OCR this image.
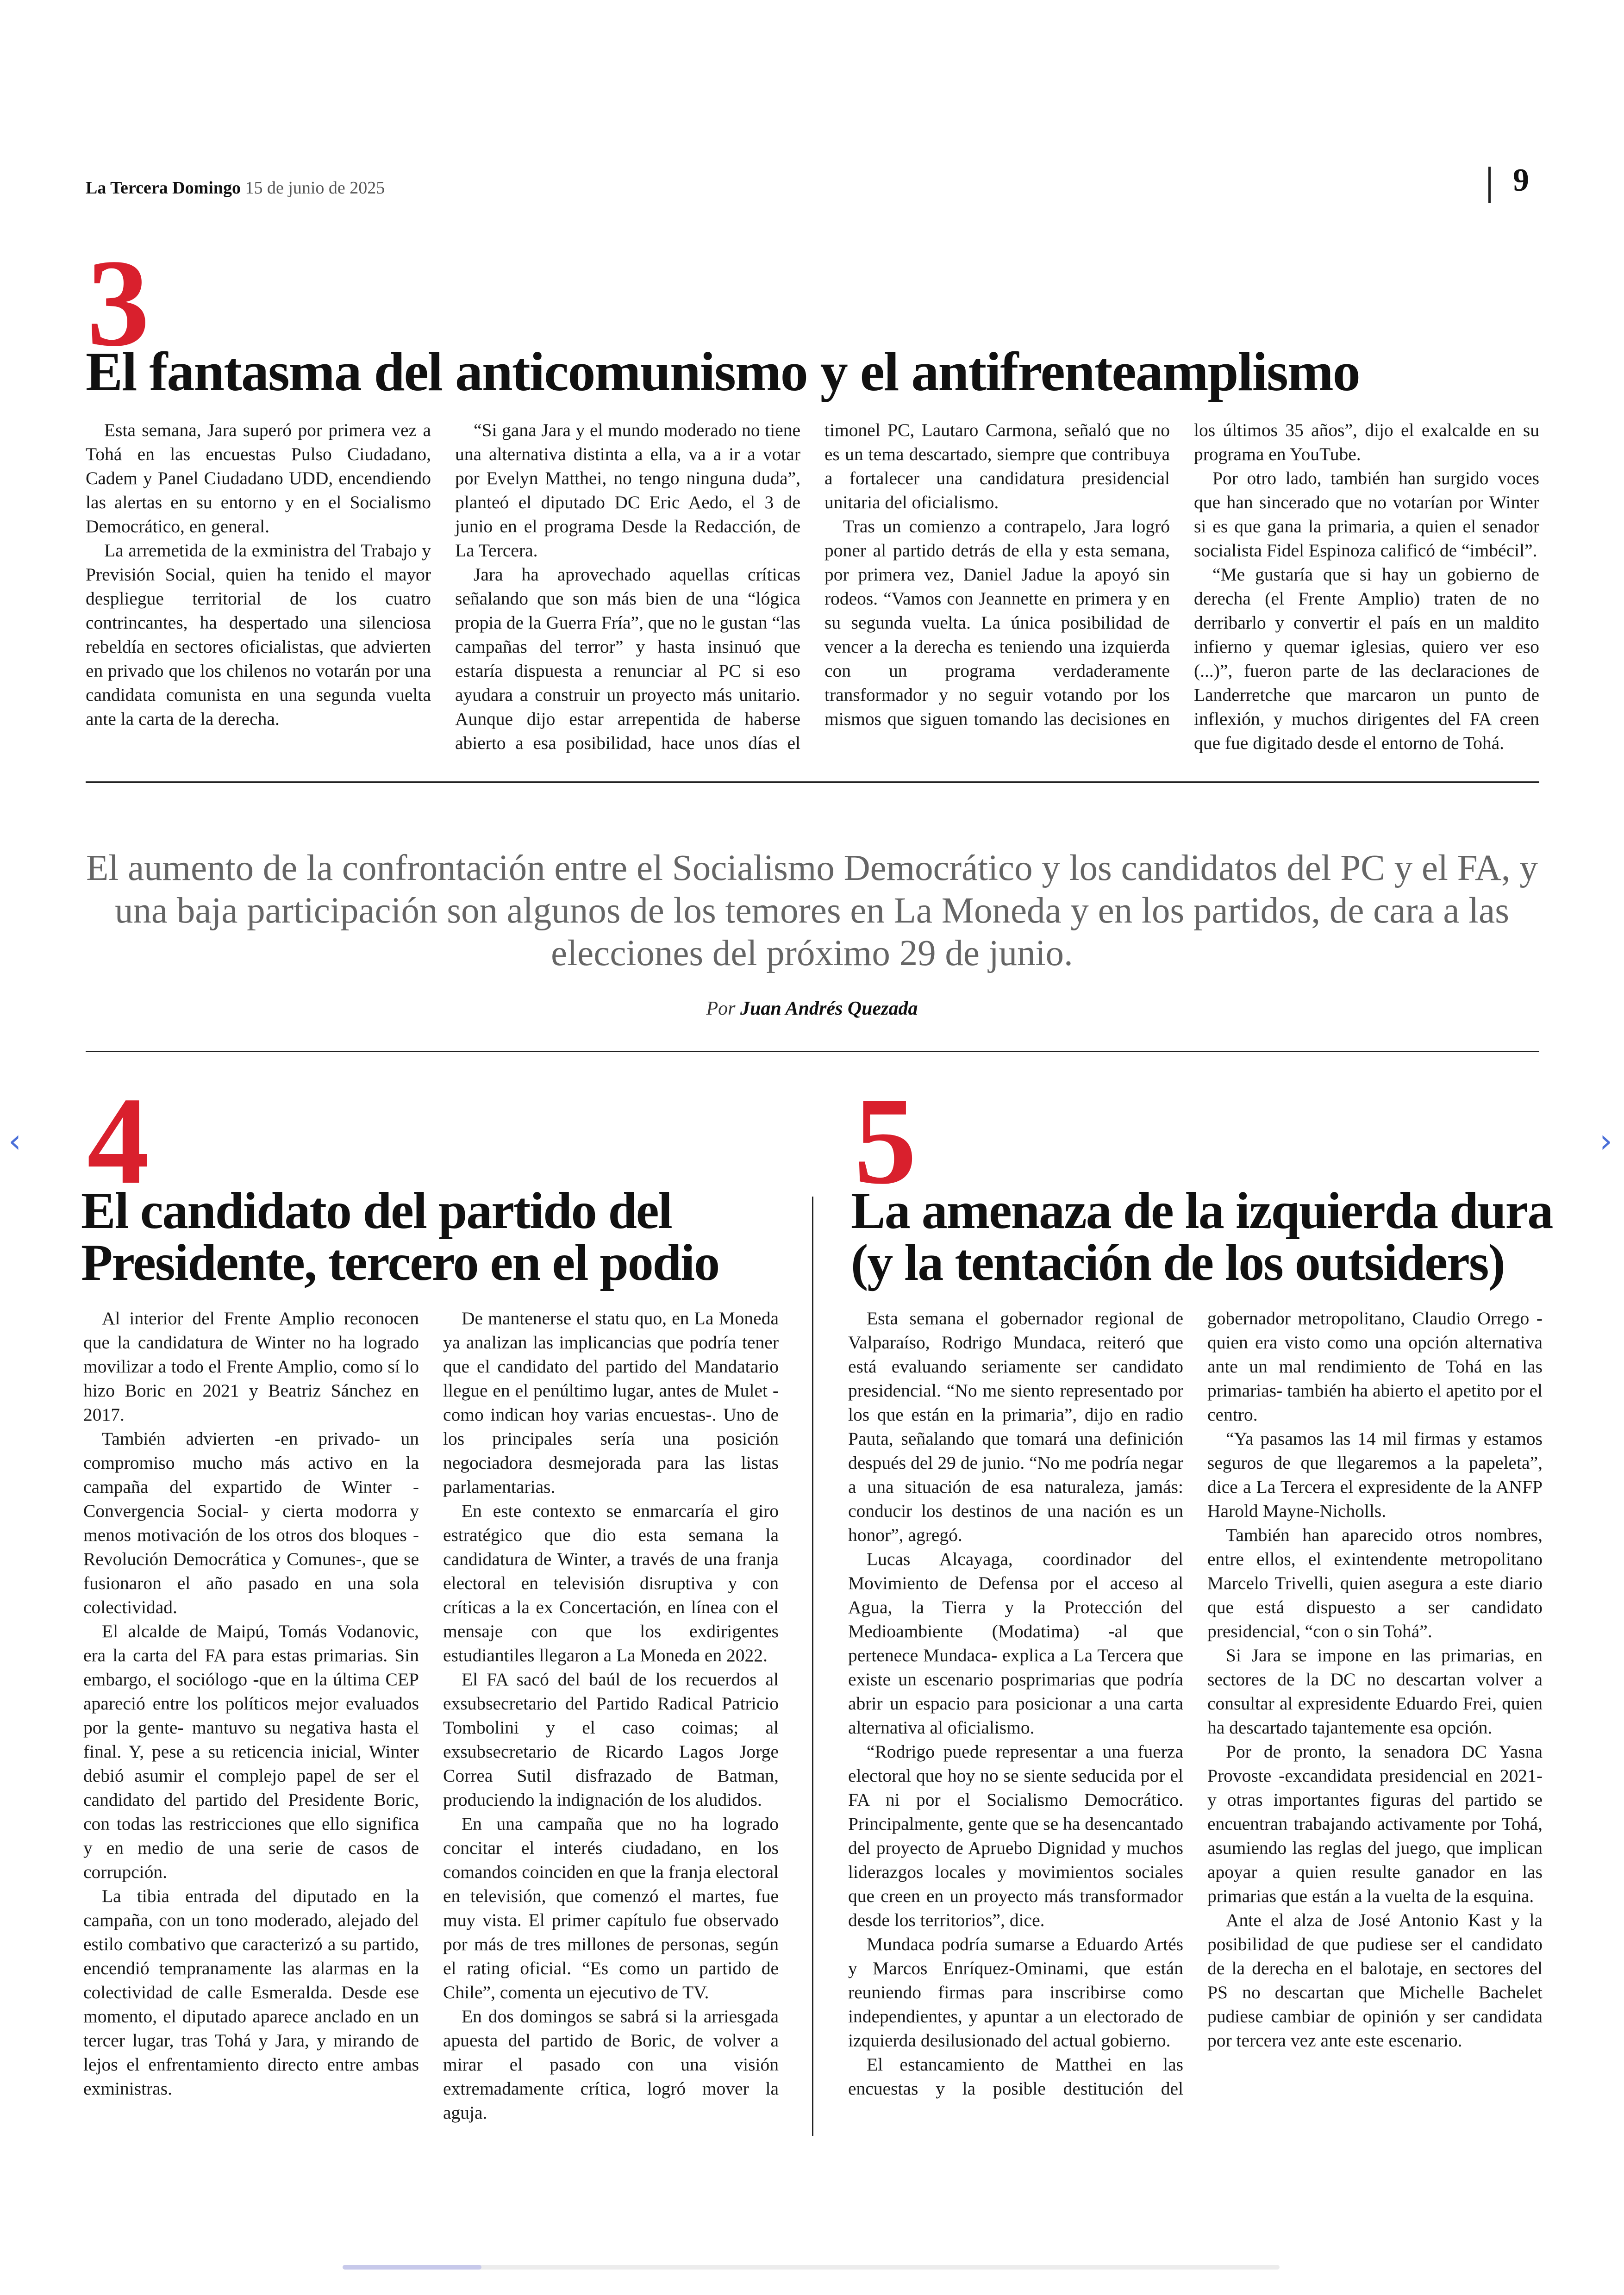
La Tercera Domingo 15 de junio de 2025	9
3
El fantasma del anticomunismo y el antifrenteamplismo

Esta semana, Jara superó por primera vez a Tohá en las encuestas Pulso Ciudadano, Cadem y Panel Ciudadano UDD, encendiendo las alertas en su entorno y en el Socialismo Democrático, en general.

La arremetida de la exministra del Trabajo y Previsión Social, quien ha tenido el mayor despliegue territorial de los cuatro contrincantes, ha despertado una silenciosa rebeldía en sectores oficialistas, que advierten en privado que los chilenos no votarán por una candidata comunista en una segunda vuelta ante la carta de la derecha.

“Si gana Jara y el mundo moderado no tiene una alternativa distinta a ella, va a ir a votar por Evelyn Matthei, no tengo ninguna duda”, planteó el diputado DC Eric Aedo, el 3 de junio en el programa Desde la Redacción, de La Tercera.

Jara ha aprovechado aquellas críticas señalando que son más bien de una “lógica propia de la Guerra Fría”, que no le gustan “las campañas del terror” y hasta insinuó que estaría dispuesta a renunciar al PC si eso ayudara a construir un proyecto más unitario. Aunque dijo estar arrepentida de haberse abierto a esa posibilidad, hace unos días el timonel PC, Lautaro Carmona, señaló que no es un tema descartado, siempre que contribuya a fortalecer una candidatura presidencial unitaria del oficialismo.

Tras un comienzo a contrapelo, Jara logró poner al partido detrás de ella y esta semana, por primera vez, Daniel Jadue la apoyó sin rodeos. “Vamos con Jeannette en primera y en su segunda vuelta. La única posibilidad de vencer a la derecha es teniendo una izquierda con un programa verdaderamente transformador y no seguir votando por los mismos que siguen tomando las decisiones en los últimos 35 años”, dijo el exalcalde en su programa en YouTube.

Por otro lado, también han surgido voces que han sincerado que no votarían por Winter si es que gana la primaria, a quien el senador socialista Fidel Espinoza calificó de “imbécil”.

“Me gustaría que si hay un gobierno de derecha (el Frente Amplio) traten de no derribarlo y convertir el país en un maldito infierno y quemar iglesias, quiero ver eso (...)”, fueron parte de las declaraciones de Landerretche que marcaron un punto de inflexión, y muchos dirigentes del FA creen que fue digitado desde el entorno de Tohá.

El aumento de la confrontación entre el Socialismo Democrático y los candidatos del PC y el FA, y una baja participación son algunos de los temores en La Moneda y en los partidos, de cara a las elecciones del próximo 29 de junio.
Por Juan Andrés Quezada
4
El candidato del partido del Presidente, tercero en el podio

Al interior del Frente Amplio reconocen que la candidatura de Winter no ha logrado movilizar a todo el Frente Amplio, como sí lo hizo Boric en 2021 y Beatriz Sánchez en 2017.

También advierten -en privado- un compromiso mucho más activo en la campaña del expartido de Winter -Convergencia Social- y cierta modorra y menos motivación de los otros dos bloques -Revolución Democrática y Comunes-, que se fusionaron el año pasado en una sola colectividad.

El alcalde de Maipú, Tomás Vodanovic, era la carta del FA para estas primarias. Sin embargo, el sociólogo -que en la última CEP apareció entre los políticos mejor evaluados por la gente- mantuvo su negativa hasta el final. Y, pese a su reticencia inicial, Winter debió asumir el complejo papel de ser el candidato del partido del Presidente Boric, con todas las restricciones que ello significa y en medio de una serie de casos de corrupción.

La tibia entrada del diputado en la campaña, con un tono moderado, alejado del estilo combativo que caracterizó a su partido, encendió tempranamente las alarmas en la colectividad de calle Esmeralda. Desde ese momento, el diputado aparece anclado en un tercer lugar, tras Tohá y Jara, y mirando de lejos el enfrentamiento directo entre ambas exministras.

De mantenerse el statu quo, en La Moneda ya analizan las implicancias que podría tener que el candidato del partido del Mandatario llegue en el penúltimo lugar, antes de Mulet -como indican hoy varias encuestas-. Uno de los principales sería una posición negociadora desmejorada para las listas parlamentarias.

En este contexto se enmarcaría el giro estratégico que dio esta semana la candidatura de Winter, a través de una franja electoral en televisión disruptiva y con críticas a la ex Concertación, en línea con el mensaje con que los exdirigentes estudiantiles llegaron a La Moneda en 2022.

El FA sacó del baúl de los recuerdos al exsubsecretario del Partido Radical Patricio Tombolini y el caso coimas; al exsubsecretario de Ricardo Lagos Jorge Correa Sutil disfrazado de Batman, produciendo la indignación de los aludidos.

En una campaña que no ha logrado concitar el interés ciudadano, en los comandos coinciden en que la franja electoral en televisión, que comenzó el martes, fue muy vista. El primer capítulo fue observado por más de tres millones de personas, según el rating oficial. “Es como un partido de Chile”, comenta un ejecutivo de TV.

En dos domingos se sabrá si la arriesgada apuesta del partido de Boric, de volver a mirar el pasado con una visión extremadamente crítica, logró mover la aguja.

5
La amenaza de la izquierda dura (y la tentación de los outsiders)

Esta semana el gobernador regional de Valparaíso, Rodrigo Mundaca, reiteró que está evaluando seriamente ser candidato presidencial. “No me siento representado por los que están en la primaria”, dijo en radio Pauta, señalando que tomará una definición después del 29 de junio. “No me podría negar a una situación de esa naturaleza, jamás: conducir los destinos de una nación es un honor”, agregó.

Lucas Alcayaga, coordinador del Movimiento de Defensa por el acceso al Agua, la Tierra y la Protección del Medioambiente (Modatima) -al que pertenece Mundaca- explica a La Tercera que existe un escenario posprimarias que podría abrir un espacio para posicionar a una carta alternativa al oficialismo.

“Rodrigo puede representar a una fuerza electoral que hoy no se siente seducida por el FA ni por el Socialismo Democrático. Principalmente, gente que se ha desencantado del proyecto de Apruebo Dignidad y muchos liderazgos locales y movimientos sociales que creen en un proyecto más transformador desde los territorios”, dice.

Mundaca podría sumarse a Eduardo Artés y Marcos Enríquez-Ominami, que están reuniendo firmas para inscribirse como independientes, y apuntar a un electorado de izquierda desilusionado del actual gobierno.

El estancamiento de Matthei en las encuestas y la posible destitución del gobernador metropolitano, Claudio Orrego -quien era visto como una opción alternativa ante un mal rendimiento de Tohá en las primarias- también ha abierto el apetito por el centro.

“Ya pasamos las 14 mil firmas y estamos seguros de que llegaremos a la papeleta”, dice a La Tercera el expresidente de la ANFP Harold Mayne-Nicholls.

También han aparecido otros nombres, entre ellos, el exintendente metropolitano Marcelo Trivelli, quien asegura a este diario que está dispuesto a ser candidato presidencial, “con o sin Tohá”.

Si Jara se impone en las primarias, en sectores de la DC no descartan volver a consultar al expresidente Eduardo Frei, quien ha descartado tajantemente esa opción.

Por de pronto, la senadora DC Yasna Provoste -excandidata presidencial en 2021- y otras importantes figuras del partido se encuentran trabajando activamente por Tohá, asumiendo las reglas del juego, que implican apoyar a quien resulte ganador en las primarias que están a la vuelta de la esquina.

Ante el alza de José Antonio Kast y la posibilidad de que pudiese ser el candidato de la derecha en el balotaje, en sectores del PS no descartan que Michelle Bachelet pudiese cambiar de opinión y ser candidata por tercera vez ante este escenario.

‹	›
